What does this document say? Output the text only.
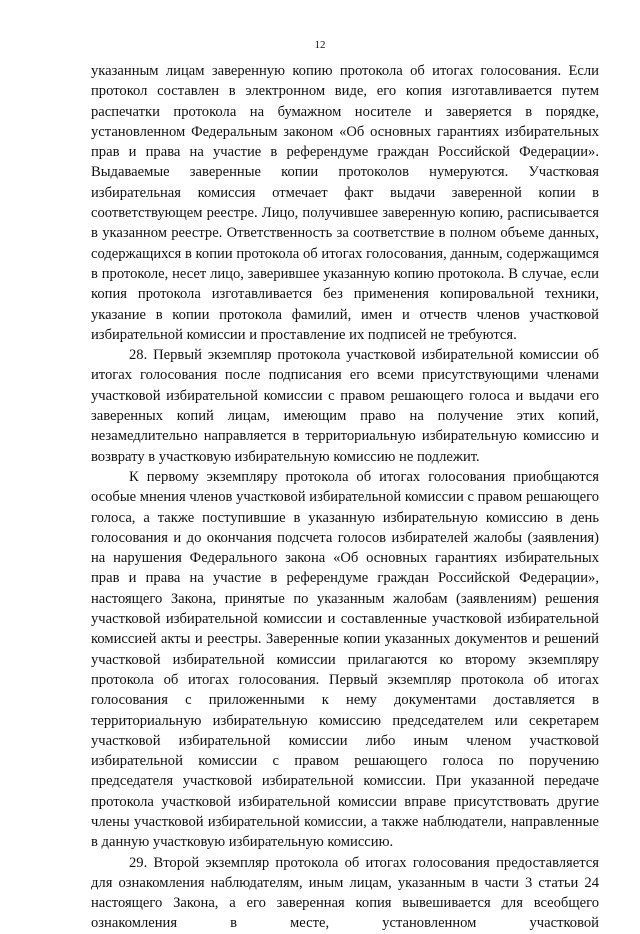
12

указанным лицам заверенную копию протокола об итогах голосования. Если протокол составлен в электронном виде, его копия изготавливается путем распечатки протокола на бумажном носителе и заверяется в порядке, установленном Федеральным законом «Об основных гарантиях избирательных прав и права на участие в референдуме граждан Российской Федерации». Выдаваемые заверенные копии протоколов нумеруются. Участковая избирательная комиссия отмечает факт выдачи заверенной копии в соответствующем реестре. Лицо, получившее заверенную копию, расписывается в указанном реестре. Ответственность за соответствие в полном объеме данных, содержащихся в копии протокола об итогах голосования, данным, содержащимся в протоколе, несет лицо, заверившее указанную копию протокола. В случае, если копия протокола изготавливается без применения копировальной техники, указание в копии протокола фамилий, имен и отчеств членов участковой избирательной комиссии и проставление их подписей не требуются.

28. Первый экземпляр протокола участковой избирательной комиссии об итогах голосования после подписания его всеми присутствующими членами участковой избирательной комиссии с правом решающего голоса и выдачи его заверенных копий лицам, имеющим право на получение этих копий, незамедлительно направляется в территориальную избирательную комиссию и возврату в участковую избирательную комиссию не подлежит.

К первому экземпляру протокола об итогах голосования приобщаются особые мнения членов участковой избирательной комиссии с правом решающего голоса, а также поступившие в указанную избирательную комиссию в день голосования и до окончания подсчета голосов избирателей жалобы (заявления) на нарушения Федерального закона «Об основных гарантиях избирательных прав и права на участие в референдуме граждан Российской Федерации», настоящего Закона, принятые по указанным жалобам (заявлениям) решения участковой избирательной комиссии и составленные участковой избирательной комиссией акты и реестры. Заверенные копии указанных документов и решений участковой избирательной комиссии прилагаются ко второму экземпляру протокола об итогах голосования. Первый экземпляр протокола об итогах голосования с приложенными к нему документами доставляется в территориальную избирательную комиссию председателем или секретарем участковой избирательной комиссии либо иным членом участковой избирательной комиссии с правом решающего голоса по поручению председателя участковой избирательной комиссии. При указанной передаче протокола участковой избирательной комиссии вправе присутствовать другие члены участковой избирательной комиссии, а также наблюдатели, направленные в данную участковую избирательную комиссию.

29. Второй экземпляр протокола об итогах голосования предоставляется для ознакомления наблюдателям, иным лицам, указанным в части 3 статьи 24 настоящего Закона, а его заверенная копия вывешивается для всеобщего ознакомления в месте, установленном участковой
